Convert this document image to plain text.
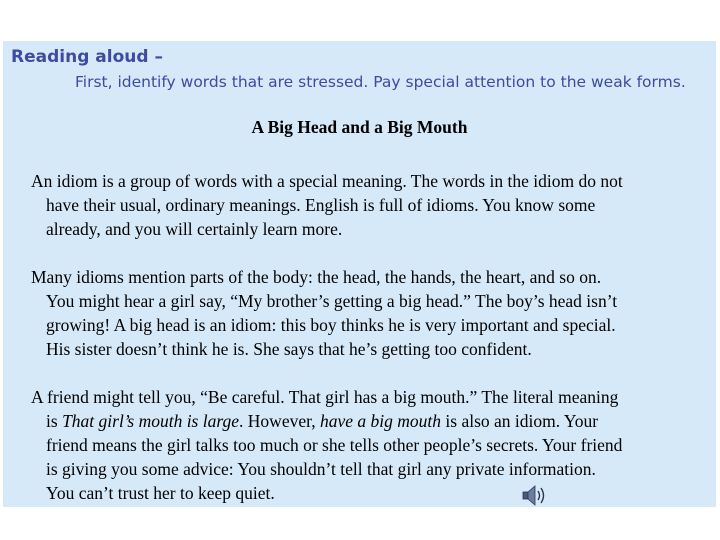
Reading aloud –
First, identify words that are stressed. Pay special attention to the weak forms.
A Big Head and a Big Mouth
An idiom is a group of words with a special meaning. The words in the idiom do not
have their usual, ordinary meanings. English is full of idioms. You know some
already, and you will certainly learn more.
Many idioms mention parts of the body: the head, the hands, the heart, and so on.
You might hear a girl say, “My brother’s getting a big head.” The boy’s head isn’t
growing! A big head is an idiom: this boy thinks he is very important and special.
His sister doesn’t think he is. She says that he’s getting too confident.
A friend might tell you, “Be careful. That girl has a big mouth.” The literal meaning
is That girl’s mouth is large. However, have a big mouth is also an idiom. Your
friend means the girl talks too much or she tells other people’s secrets. Your friend
is giving you some advice: You shouldn’t tell that girl any private information.
You can’t trust her to keep quiet.
